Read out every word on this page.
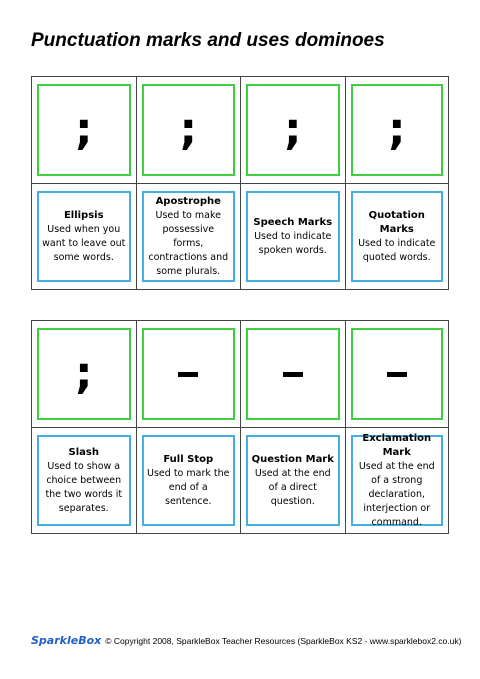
Punctuation marks and uses dominoes
; ; ; ;
Ellipsis
Used when you want to leave out some words.
Apostrophe
Used to make possessive forms, contractions and some plurals.
Speech Marks
Used to indicate spoken words.
Quotation Marks
Used to indicate quoted words.
;
Slash
Used to show a choice between the two words it separates.
Full Stop
Used to mark the end of a sentence.
Question Mark
Used at the end of a direct question.
Exclamation Mark
Used at the end of a strong declaration, interjection or command.
SparkleBox © Copyright 2008, SparkleBox Teacher Resources (SparkleBox KS2 - www.sparklebox2.co.uk)
